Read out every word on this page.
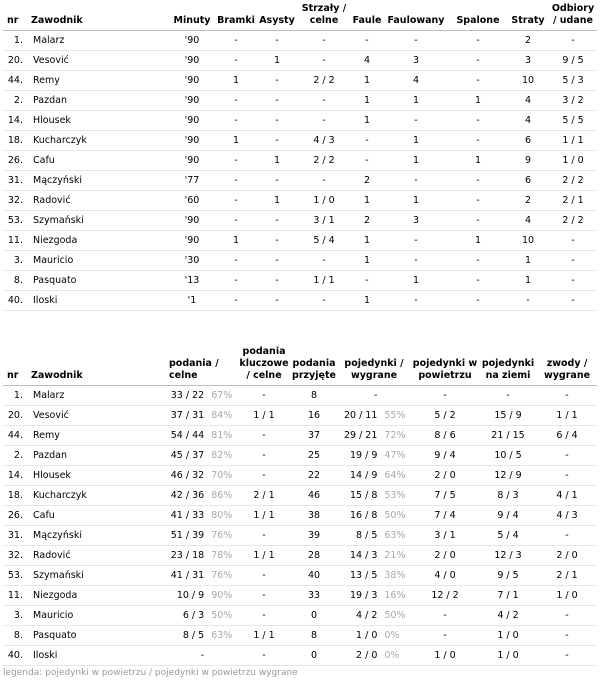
nr	Zawodnik	Minuty	Bramki	Asysty	Strzały / celne	Faule	Faulowany	Spalone	Straty	Odbiory / udane
1.	Malarz	'90	-	-	-	-	-	-	2	-
20.	Vesović	'90	-	1	-	4	3	-	3	9 / 5
44.	Remy	'90	1	-	2 / 2	1	4	-	10	5 / 3
2.	Pazdan	'90	-	-	-	1	1	1	4	3 / 2
14.	Hlousek	'90	-	-	-	1	-	-	4	5 / 5
18.	Kucharczyk	'90	1	-	4 / 3	-	1	-	6	1 / 1
26.	Cafu	'90	-	1	2 / 2	-	1	1	9	1 / 0
31.	Mączyński	'77	-	-	-	2	-	-	6	2 / 2
32.	Radović	'60	-	1	1 / 0	1	1	-	2	2 / 1
53.	Szymański	'90	-	-	3 / 1	2	3	-	4	2 / 2
11.	Niezgoda	'90	1	-	5 / 4	1	-	1	10	-
3.	Mauricio	'30	-	-	-	1	-	-	1	-
8.	Pasquato	'13	-	-	1 / 1	-	1	-	1	-
40.	Iloski	'1	-	-	-	1	-	-	-	-
nr	Zawodnik	podania / celne	podania kluczowe / celne	podania przyjęte	pojedynki / wygrane	pojedynki w powietrzu	pojedynki na ziemi	zwody / wygrane
1.	Malarz	33 / 22 67%	-	8	-	-	-	-
20.	Vesović	37 / 31 84%	1 / 1	16	20 / 11 55%	5 / 2	15 / 9	1 / 1
44.	Remy	54 / 44 81%	-	37	29 / 21 72%	8 / 6	21 / 15	6 / 4
2.	Pazdan	45 / 37 82%	-	25	19 / 9 47%	9 / 4	10 / 5	-
14.	Hlousek	46 / 32 70%	-	22	14 / 9 64%	2 / 0	12 / 9	-
18.	Kucharczyk	42 / 36 86%	2 / 1	46	15 / 8 53%	7 / 5	8 / 3	4 / 1
26.	Cafu	41 / 33 80%	1 / 1	38	16 / 8 50%	7 / 4	9 / 4	4 / 3
31.	Mączyński	51 / 39 76%	-	39	8 / 5 63%	3 / 1	5 / 4	-
32.	Radović	23 / 18 78%	1 / 1	28	14 / 3 21%	2 / 0	12 / 3	2 / 0
53.	Szymański	41 / 31 76%	-	40	13 / 5 38%	4 / 0	9 / 5	2 / 1
11.	Niezgoda	10 / 9 90%	-	33	19 / 3 16%	12 / 2	7 / 1	1 / 0
3.	Mauricio	6 / 3 50%	-	0	4 / 2 50%	-	4 / 2	-
8.	Pasquato	8 / 5 63%	1 / 1	8	1 / 0 0%	-	1 / 0	-
40.	Iloski	-	-	0	2 / 0 0%	1 / 0	1 / 0	-
legenda: pojedynki w powietrzu / pojedynki w powietrzu wygrane
